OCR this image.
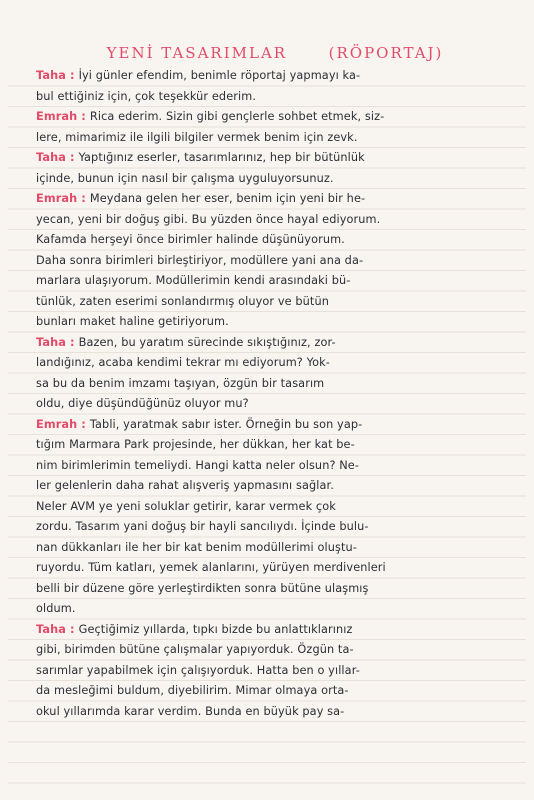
YENİ TASARIMLAR	(RÖPORTAJ)
Taha : İyi günler efendim, benimle röportaj yapmayı ka-
bul ettiğiniz için, çok teşekkür ederim.
Emrah : Rica ederim. Sizin gibi gençlerle sohbet etmek, siz-
lere, mimarimiz ile ilgili bilgiler vermek benim için zevk.
Taha : Yaptığınız eserler, tasarımlarınız, hep bir bütünlük
içinde, bunun için nasıl bir çalışma uyguluyorsunuz.
Emrah : Meydana gelen her eser, benim için yeni bir he-
yecan, yeni bir doğuş gibi. Bu yüzden önce hayal ediyorum.
Kafamda herşeyi önce birimler halinde düşünüyorum.
Daha sonra birimleri birleştiriyor, modüllere yani ana da-
marlara ulaşıyorum. Modüllerimin kendi arasındaki bü-
tünlük, zaten eserimi sonlandırmış oluyor ve bütün
bunları maket haline getiriyorum.
Taha : Bazen, bu yaratım sürecinde sıkıştığınız, zor-
landığınız, acaba kendimi tekrar mı ediyorum? Yok-
sa bu da benim imzamı taşıyan, özgün bir tasarım
oldu, diye düşündüğünüz oluyor mu?
Emrah : Tabli, yaratmak sabır ister. Örneğin bu son yap-
tığım Marmara Park projesinde, her dükkan, her kat be-
nim birimlerimin temeliydi. Hangi katta neler olsun? Ne-
ler gelenlerin daha rahat alışveriş yapmasını sağlar.
Neler AVM ye yeni soluklar getirir, karar vermek çok
zordu. Tasarım yani doğuş bir hayli sancılıydı. İçinde bulu-
nan dükkanları ile her bir kat benim modüllerimi oluştu-
ruyordu. Tüm katları, yemek alanlarını, yürüyen merdivenleri
belli bir düzene göre yerleştirdikten sonra bütüne ulaşmış
oldum.
Taha : Geçtiğimiz yıllarda, tıpkı bizde bu anlattıklarınız
gibi, birimden bütüne çalışmalar yapıyorduk. Özgün ta-
sarımlar yapabilmek için çalışıyorduk. Hatta ben o yıllar-
da mesleğimi buldum, diyebilirim. Mimar olmaya orta-
okul yıllarımda karar verdim. Bunda en büyük pay sa-
